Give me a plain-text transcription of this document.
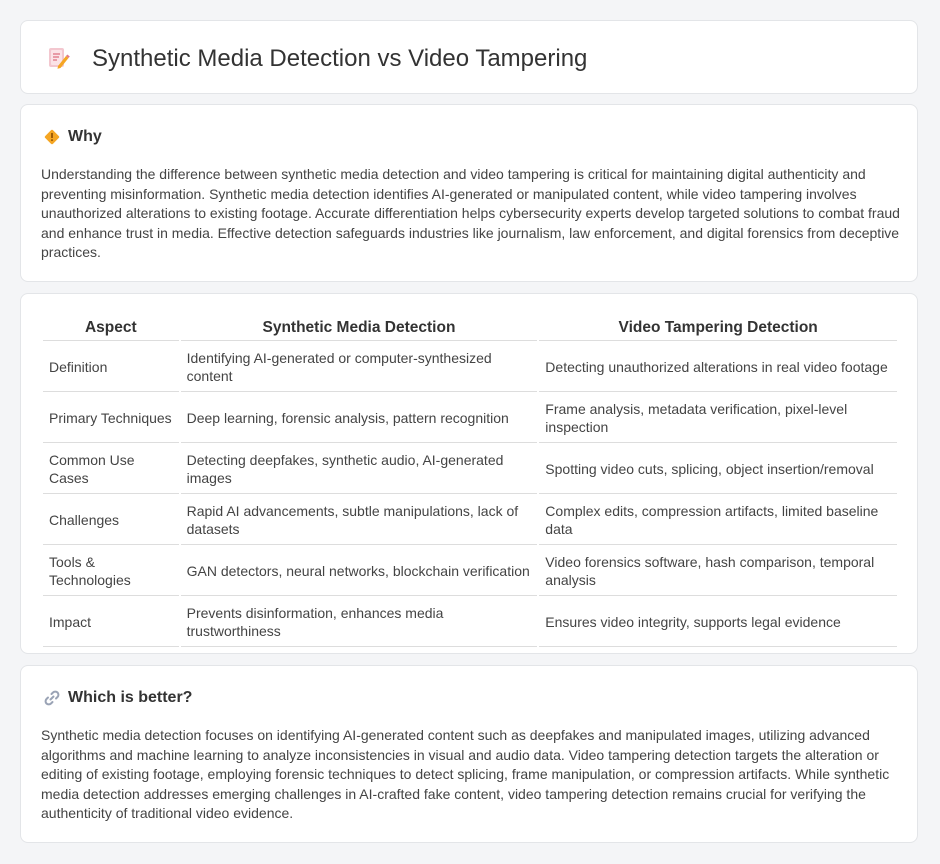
Synthetic Media Detection vs Video Tampering
Why

Understanding the difference between synthetic media detection and video tampering is critical for maintaining digital authenticity and preventing misinformation. Synthetic media detection identifies AI-generated or manipulated content, while video tampering involves unauthorized alterations to existing footage. Accurate differentiation helps cybersecurity experts develop targeted solutions to combat fraud and enhance trust in media. Effective detection safeguards industries like journalism, law enforcement, and digital forensics from deceptive practices.

Aspect	Synthetic Media Detection	Video Tampering Detection
Definition	Identifying AI-generated or computer-synthesized content	Detecting unauthorized alterations in real video footage
Primary Techniques	Deep learning, forensic analysis, pattern recognition	Frame analysis, metadata verification, pixel-level inspection
Common Use Cases	Detecting deepfakes, synthetic audio, AI-generated images	Spotting video cuts, splicing, object insertion/removal
Challenges	Rapid AI advancements, subtle manipulations, lack of datasets	Complex edits, compression artifacts, limited baseline data
Tools & Technologies	GAN detectors, neural networks, blockchain verification	Video forensics software, hash comparison, temporal analysis
Impact	Prevents disinformation, enhances media trustworthiness	Ensures video integrity, supports legal evidence
Which is better?

Synthetic media detection focuses on identifying AI-generated content such as deepfakes and manipulated images, utilizing advanced algorithms and machine learning to analyze inconsistencies in visual and audio data. Video tampering detection targets the alteration or editing of existing footage, employing forensic techniques to detect splicing, frame manipulation, or compression artifacts. While synthetic media detection addresses emerging challenges in AI-crafted fake content, video tampering detection remains crucial for verifying the authenticity of traditional video evidence.
